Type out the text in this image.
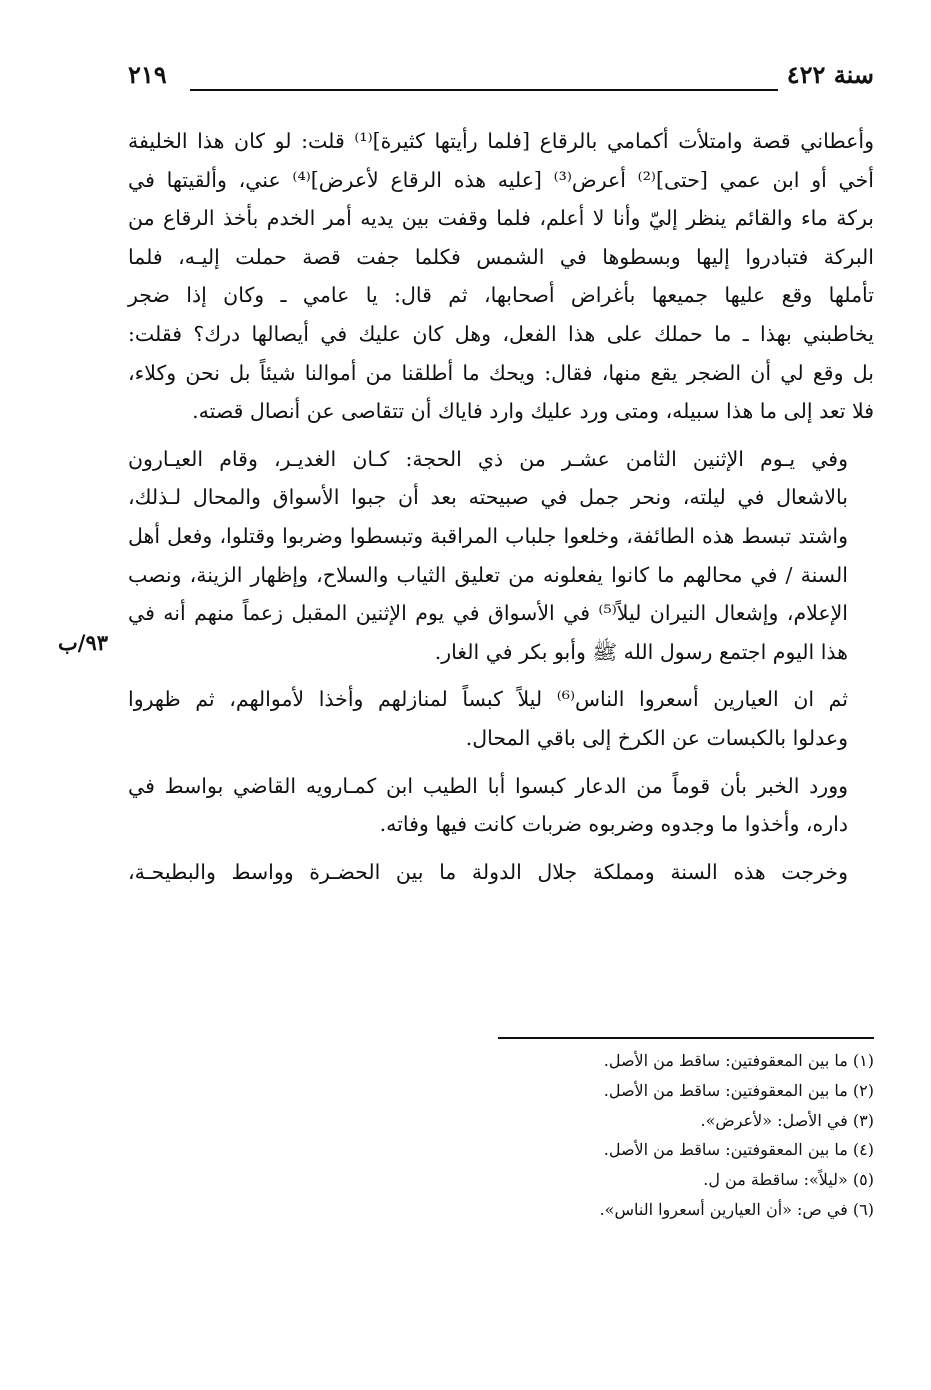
٢١٩	سنة ٤٢٢

وأعطاني قصة وامتلأت أكمامي بالرقاع [فلما رأيتها كثيرة]⁽¹⁾ قلت: لو كان هذا الخليفة
أخي أو ابن عمي [حتى]⁽²⁾ أعرض⁽³⁾ [عليه هذه الرقاع لأعرض]⁽⁴⁾ عني، وألقيتها في
بركة ماء والقائم ينظر إليّ وأنا لا أعلم، فلما وقفت بين يديه أمر الخدم بأخذ الرقاع من
البركة فتبادروا إليها وبسطوها في الشمس فكلما جفت قصة حملت إليـه، فلما
تأملها وقع عليها جميعها بأغراض أصحابها، ثم قال: يا عامي ـ وكان إذا ضجر
يخاطبني بهذا ـ ما حملك على هذا الفعل، وهل كان عليك في أيصالها درك؟ فقلت:
بل وقع لي أن الضجر يقع منها، فقال: ويحك ما أطلقنا من أموالنا شيئاً بل نحن وكلاء،
فلا تعد إلى ما هذا سبيله، ومتى ورد عليك وارد فاياك أن تتقاصى عن أنصال قصته.

وفي يـوم الإثنين الثامن عشـر من ذي الحجة: كـان الغديـر، وقام العيـارون
بالاشعال في ليلته، ونحر جمل في صبيحته بعد أن جبوا الأسواق والمحال لـذلك،
واشتد تبسط هذه الطائفة، وخلعوا جلباب المراقبة وتبسطوا وضربوا وقتلوا، وفعل أهل
السنة / في محالهم ما كانوا يفعلونه من تعليق الثياب والسلاح، وإظهار الزينة، ونصب
الإعلام، وإشعال النيران ليلاً⁽⁵⁾ في الأسواق في يوم الإثنين المقبل زعماً منهم أنه في
هذا اليوم اجتمع رسول الله ﷺ وأبو بكر في الغار.

ثم ان العيارين أسعروا الناس⁽⁶⁾ ليلاً كبساً لمنازلهم وأخذا لأموالهم، ثم ظهروا
وعدلوا بالكبسات عن الكرخ إلى باقي المحال.

وورد الخبر بأن قوماً من الدعار كبسوا أبا الطيب ابن كمـارويه القاضي بواسط في
داره، وأخذوا ما وجدوه وضربوه ضربات كانت فيها وفاته.

وخرجت هذه السنة ومملكة جلال الدولة ما بين الحضـرة وواسط والبطيحـة،

٩٣/ب
(١) ما بين المعقوفتين: ساقط من الأصل.
(٢) ما بين المعقوفتين: ساقط من الأصل.
(٣) في الأصل: «لأعرض».
(٤) ما بين المعقوفتين: ساقط من الأصل.
(٥) «ليلاً»: ساقطة من ل.
(٦) في ص: «أن العيارين أسعروا الناس».
